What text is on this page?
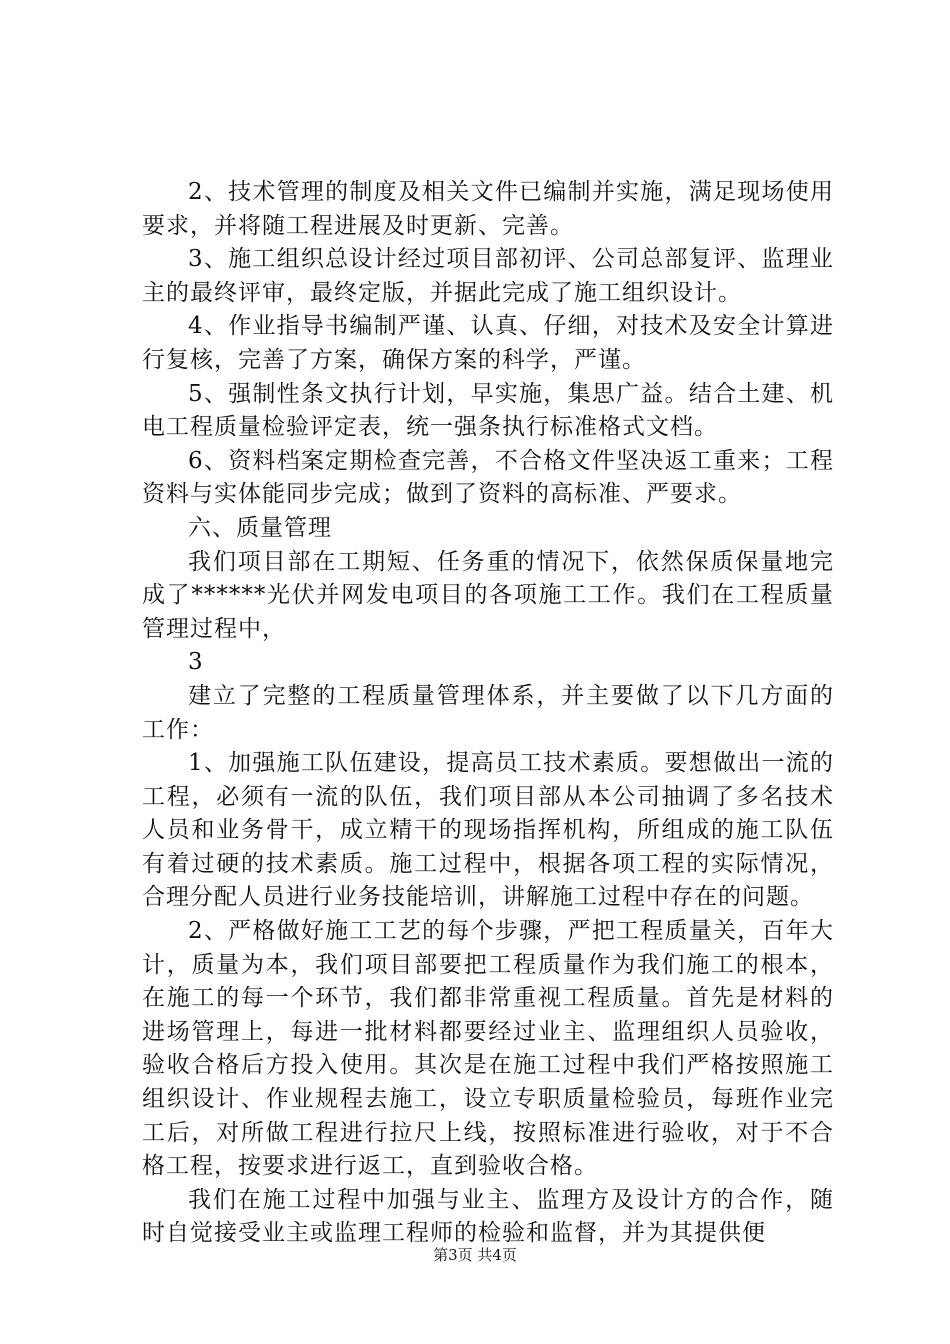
2、技术管理的制度及相关文件已编制并实施，满足现场使用要求，并将随工程进展及时更新、完善。

3、施工组织总设计经过项目部初评、公司总部复评、监理业主的最终评审，最终定版，并据此完成了施工组织设计。

4、作业指导书编制严谨、认真、仔细，对技术及安全计算进行复核，完善了方案，确保方案的科学，严谨。

5、强制性条文执行计划，早实施，集思广益。结合土建、机电工程质量检验评定表，统一强条执行标准格式文档。

6、资料档案定期检查完善，不合格文件坚决返工重来；工程资料与实体能同步完成；做到了资料的高标准、严要求。

六、质量管理

我们项目部在工期短、任务重的情况下，依然保质保量地完成了******光伏并网发电项目的各项施工工作。我们在工程质量管理过程中，

3

建立了完整的工程质量管理体系，并主要做了以下几方面的工作：

1、加强施工队伍建设，提高员工技术素质。要想做出一流的工程，必须有一流的队伍，我们项目部从本公司抽调了多名技术人员和业务骨干，成立精干的现场指挥机构，所组成的施工队伍有着过硬的技术素质。施工过程中，根据各项工程的实际情况，合理分配人员进行业务技能培训，讲解施工过程中存在的问题。

2、严格做好施工工艺的每个步骤，严把工程质量关，百年大计，质量为本，我们项目部要把工程质量作为我们施工的根本，在施工的每一个环节，我们都非常重视工程质量。首先是材料的进场管理上，每进一批材料都要经过业主、监理组织人员验收，验收合格后方投入使用。其次是在施工过程中我们严格按照施工组织设计、作业规程去施工，设立专职质量检验员，每班作业完工后，对所做工程进行拉尺上线，按照标准进行验收，对于不合格工程，按要求进行返工，直到验收合格。

我们在施工过程中加强与业主、监理方及设计方的合作，随时自觉接受业主或监理工程师的检验和监督，并为其提供便

第3页 共4页
